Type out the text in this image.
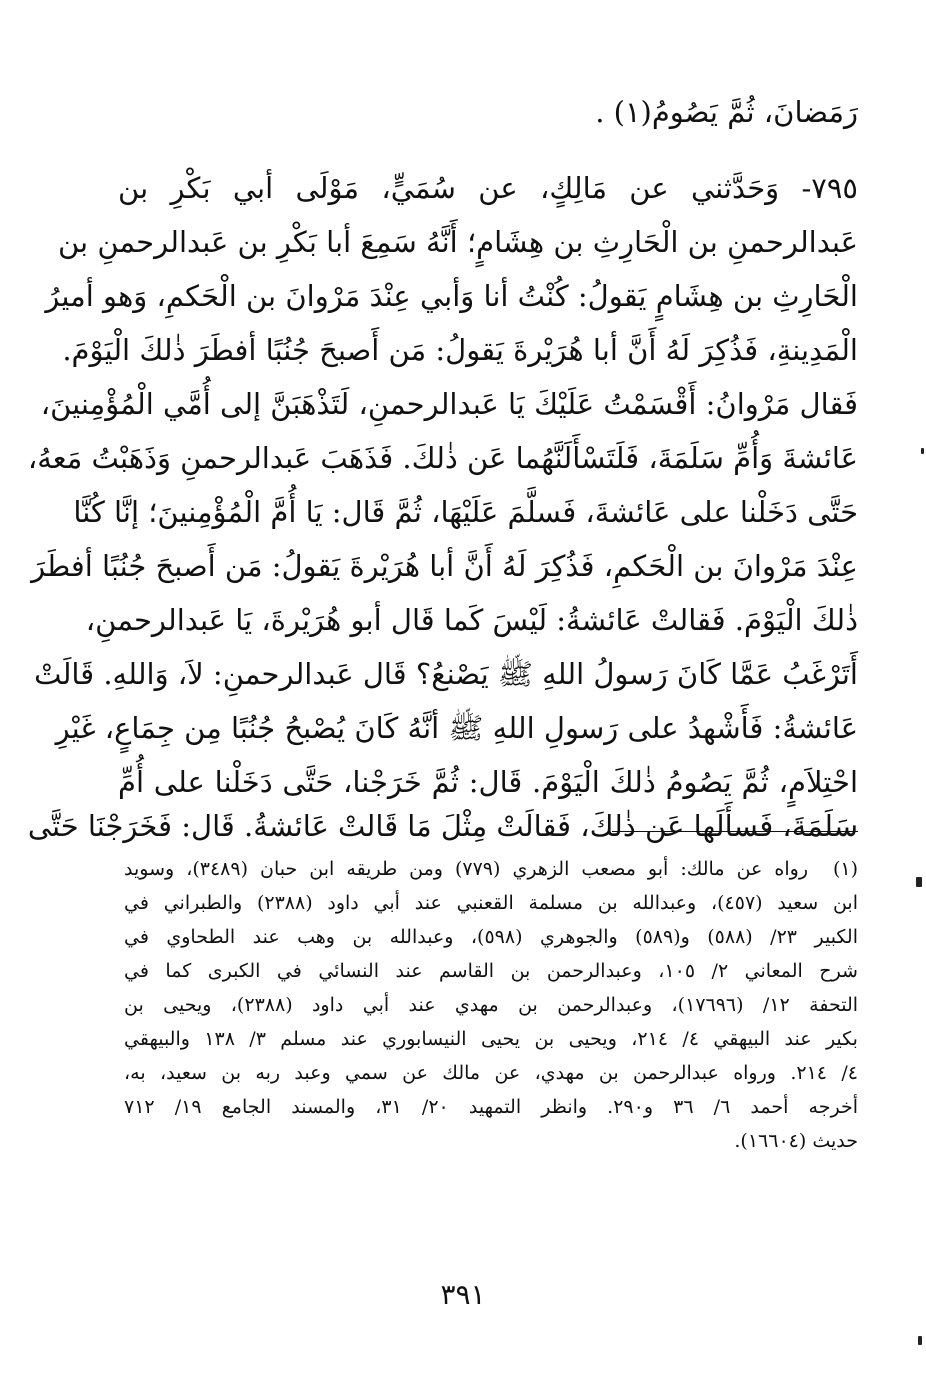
رَمَضانَ، ثُمَّ يَصُومُ(١) .
٧٩٥- وَحَدَّثني عن مَالِكٍ، عن سُمَيٍّ، مَوْلَى أبي بَكْرِ بن
عَبدالرحمنِ بن الْحَارِثِ بن هِشَامٍ؛ أَنَّهُ سَمِعَ أبا بَكْرِ بن عَبدالرحمنِ بن
الْحَارِثِ بن هِشَامٍ يَقولُ: كُنْتُ أنا وَأبي عِنْدَ مَرْوانَ بن الْحَكمِ، وَهو أميرُ
الْمَدِينةِ، فَذُكِرَ لَهُ أَنَّ أبا هُرَيْرةَ يَقولُ: مَن أَصبحَ جُنُبًا أفطَرَ ذٰلكَ الْيَوْمَ.
فَقال مَرْوانُ: أَقْسَمْتُ عَلَيْكَ يَا عَبدالرحمنِ، لَتَذْهَبَنَّ إلى أُمَّي الْمُؤْمِنينَ،
عَائشةَ وَأُمِّ سَلَمَةَ، فَلَتَسْأَلَنَّهُما عَن ذٰلكَ. فَذَهَبَ عَبدالرحمنِ وَذَهَبْتُ مَعهُ،
حَتَّى دَخَلْنا على عَائشةَ، فَسلَّمَ عَلَيْهَا، ثُمَّ قَال: يَا أُمَّ الْمُؤْمِنينَ؛ إنَّا كُنَّا
عِنْدَ مَرْوانَ بن الْحَكمِ، فَذُكِرَ لَهُ أَنَّ أبا هُرَيْرةَ يَقولُ: مَن أَصبحَ جُنُبًا أفطَرَ
ذٰلكَ الْيَوْمَ. فَقالتْ عَائشةُ: لَيْسَ كَما قَال أبو هُرَيْرةَ، يَا عَبدالرحمنِ،
أَتَرْغَبُ عَمَّا كَانَ رَسولُ اللهِ ﷺ يَصْنعُ؟ قَال عَبدالرحمنِ: لاَ، وَاللهِ. قَالَتْ
عَائشةُ: فَأَشْهدُ على رَسولِ اللهِ ﷺ أنَّهُ كَانَ يُصْبحُ جُنُبًا مِن جِمَاعٍ، غَيْرِ
احْتِلاَمٍ، ثُمَّ يَصُومُ ذٰلكَ الْيَوْمَ. قَال: ثُمَّ خَرَجْنا، حَتَّى دَخَلْنا على أُمِّ
سَلَمَةَ، فَسأَلَها عَن ذٰلكَ، فَقالَتْ مِثْلَ مَا قَالتْ عَائشةُ. قَال: فَخَرَجْنَا حَتَّى
(١)
رواه عن مالك: أبو مصعب الزهري (٧٧٩) ومن طريقه ابن حبان (٣٤٨٩)، وسويد
ابن سعيد (٤٥٧)، وعبدالله بن مسلمة القعنبي عند أبي داود (٢٣٨٨) والطبراني في
الكبير ٢٣/ (٥٨٨) و(٥٨٩) والجوهري (٥٩٨)، وعبدالله بن وهب عند الطحاوي في
شرح المعاني ٢/ ١٠٥، وعبدالرحمن بن القاسم عند النسائي في الكبرى كما في
التحفة ١٢/ (١٧٦٩٦)، وعبدالرحمن بن مهدي عند أبي داود (٢٣٨٨)، ويحيى بن
بكير عند البيهقي ٤/ ٢١٤، ويحيى بن يحيى النيسابوري عند مسلم ٣/ ١٣٨ والبيهقي
٤/ ٢١٤. ورواه عبدالرحمن بن مهدي، عن مالك عن سمي وعبد ربه بن سعيد، به،
أخرجه أحمد ٦/ ٣٦ و٢٩٠. وانظر التمهيد ٢٠/ ٣١، والمسند الجامع ١٩/ ٧١٢
حديث (١٦٦٠٤).
٣٩١
